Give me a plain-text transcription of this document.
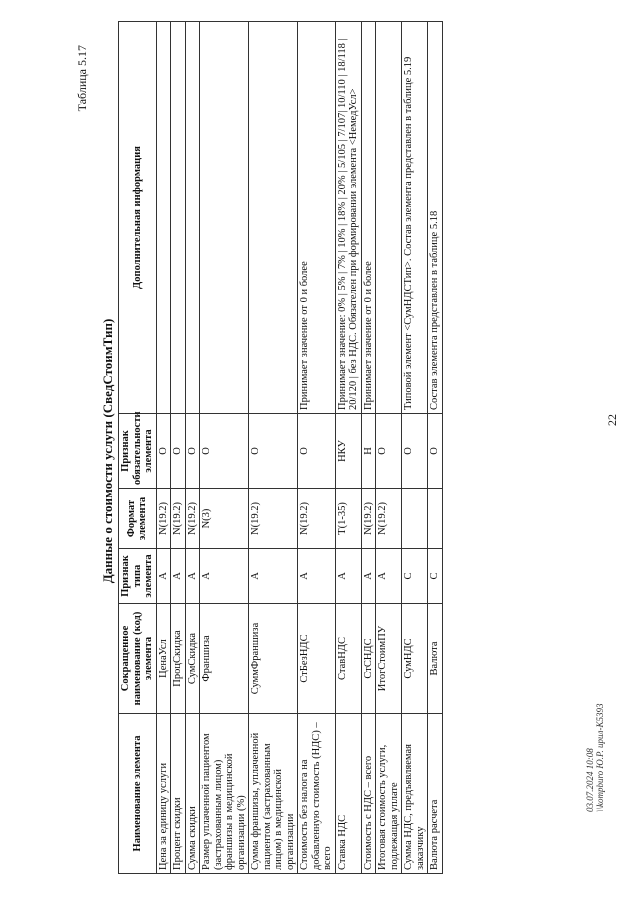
Таблица 5.17
22
Данные о стоимости услуги (СведСтоимТип)
Наименование элемента	Сокращенное наименование (код) элемента	Признак типа элемента	Формат элемента	Признак обязательности элемента	Дополнительная информация
Цена за единицу услуги	ЦенаУсл	А	N(19.2)	О	
Процент скидки	ПроцСкидка	А	N(19.2)	О	
Сумма скидки	СумСкидка	А	N(19.2)	О	
Размер уплаченной пациентом (застрахованным лицом) франшизы в медицинской организации (%)	Франшиза	А	N(3)	О	
Сумма франшизы, уплаченной пациентом (застрахованным лицом) в медицинской организации	СуммФраншиза	А	N(19.2)	О	
Стоимость без налога на добавленную стоимость (НДС) – всего	СтБезНДС	А	N(19.2)	О	Принимает значение от 0 и более
Ставка НДС	СтавНДС	А	T(1-35)	НКУ	Принимает значение: 0% | 5% | 7% | 10% | 18% | 20% | 5/105 | 7/107| 10/110 | 18/118 | 20/120 | без НДС. Обязателен при формировании элемента <НемедУсл>
Стоимость с НДС – всего	СтСНДС	А	N(19.2)	Н	Принимает значение от 0 и более
Итоговая стоимость услуги, подлежащая уплате	ИтогСтоимПУ	А	N(19.2)	О	
Сумма НДС, предъявляемая заказчику	СумНДС	С		О	Типовой элемент <СумНДСТип>. Состав элемента представлен в таблице 5.19
Валюта расчета	Валюта	С		О	Состав элемента представлен в таблице 5.18
03.07.2024 10:08 \\kompburo Ю.Р. ирил-К5393
